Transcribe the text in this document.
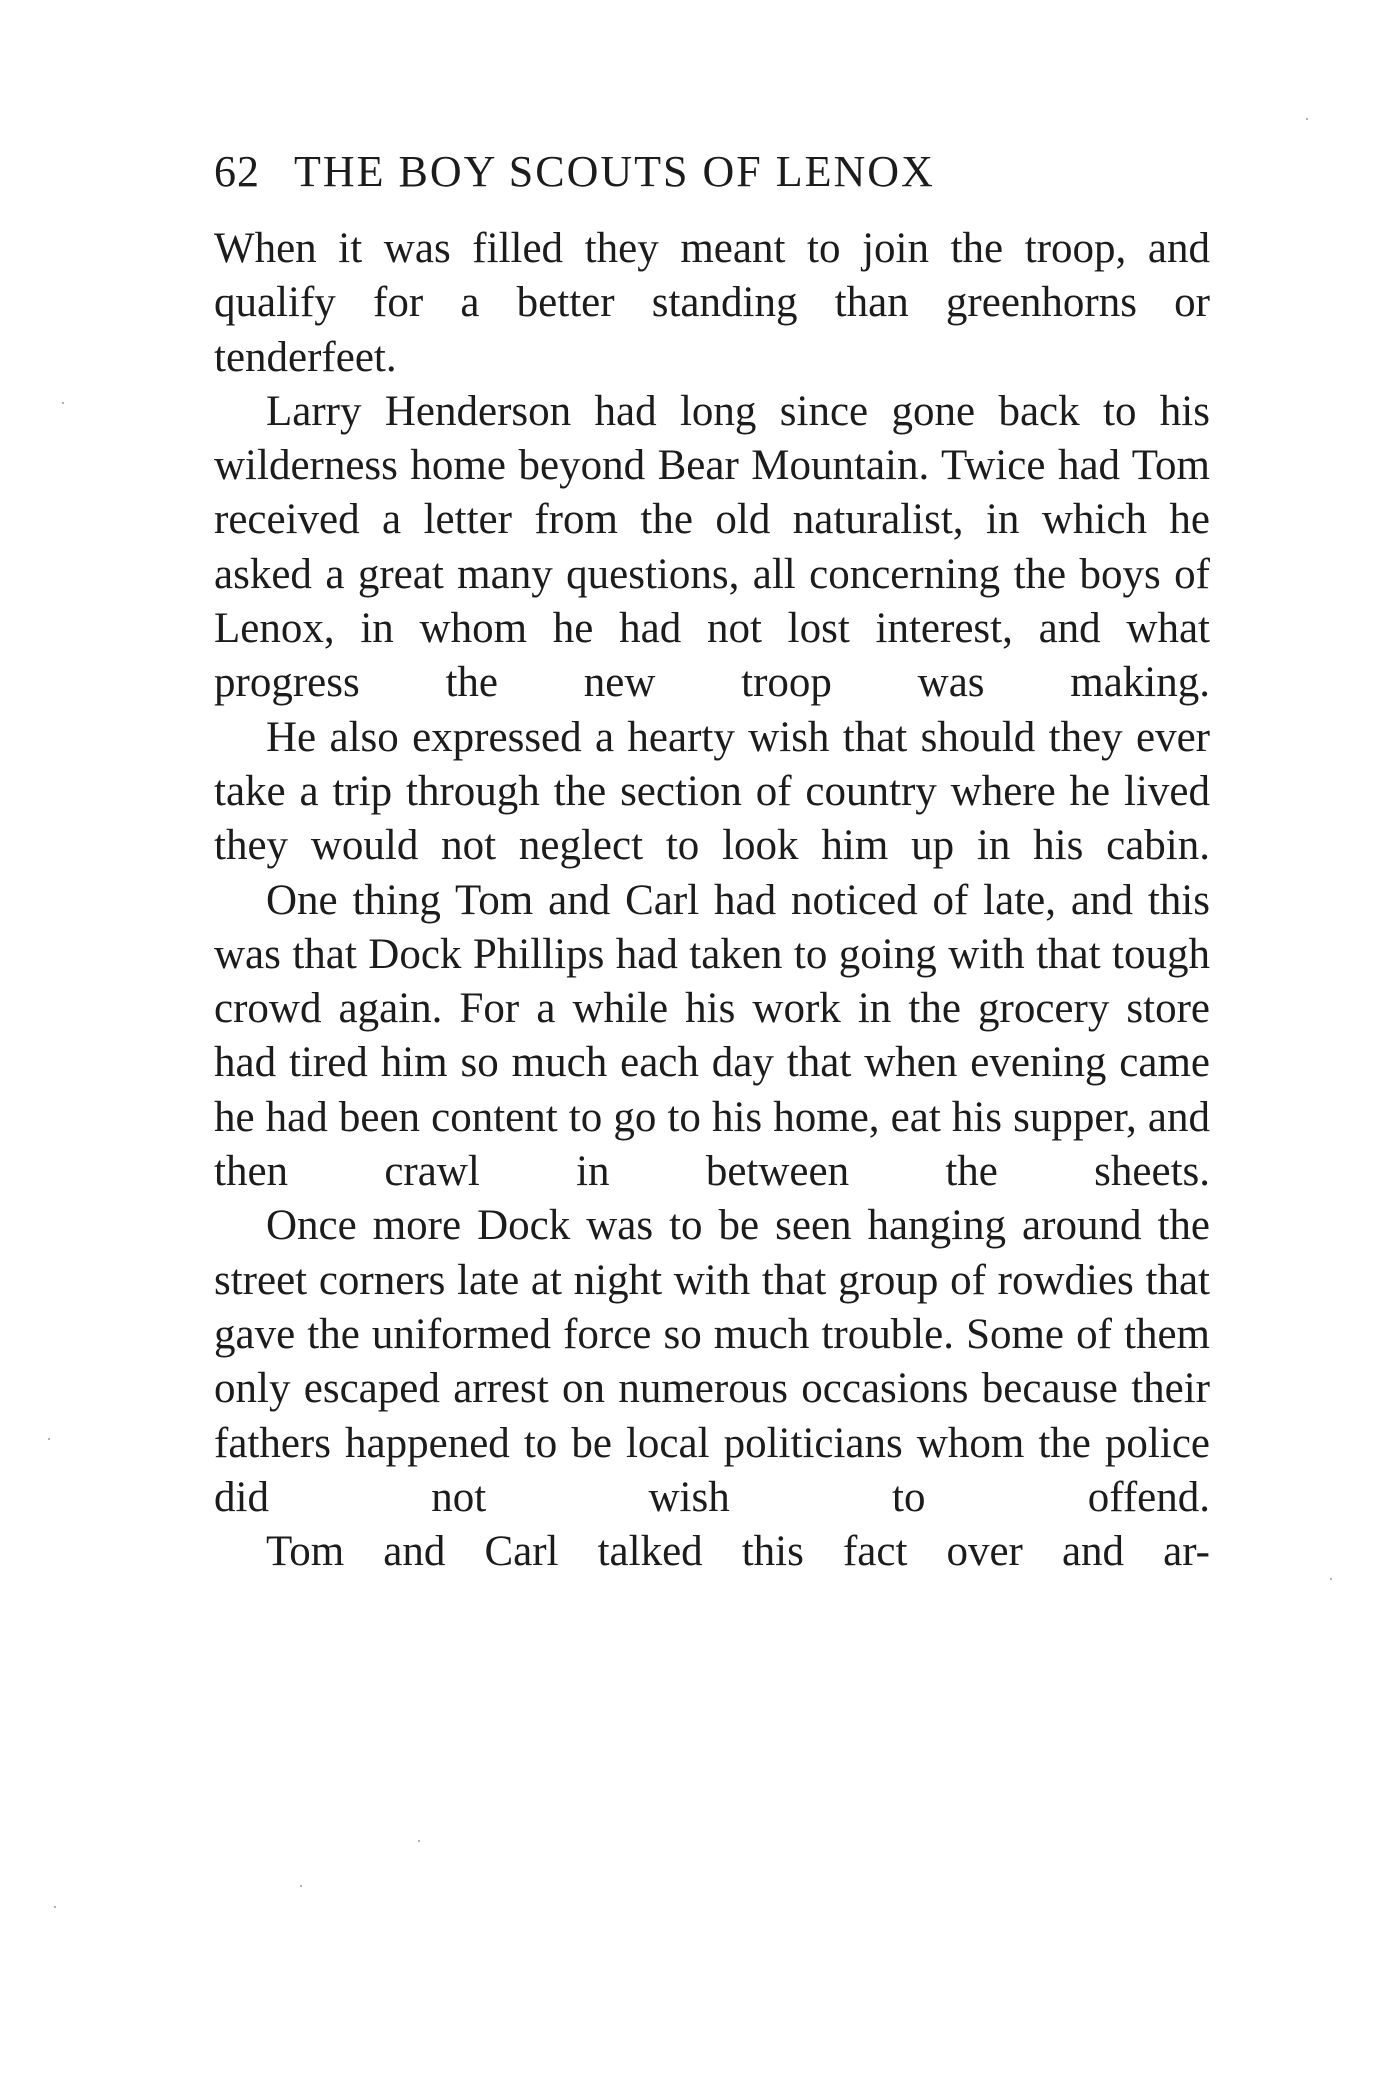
62 THE BOY SCOUTS OF LENOX

When it was filled they meant to join the troop, and qualify for a better standing than greenhorns or tenderfeet.

Larry Henderson had long since gone back to his wilderness home beyond Bear Mountain. Twice had Tom received a letter from the old naturalist, in which he asked a great many questions, all concerning the boys of Lenox, in whom he had not lost interest, and what progress the new troop was making.

He also expressed a hearty wish that should they ever take a trip through the section of country where he lived they would not neglect to look him up in his cabin.

One thing Tom and Carl had noticed of late, and this was that Dock Phillips had taken to going with that tough crowd again. For a while his work in the grocery store had tired him so much each day that when evening came he had been content to go to his home, eat his supper, and then crawl in between the sheets.

Once more Dock was to be seen hanging around the street corners late at night with that group of rowdies that gave the uniformed force so much trouble. Some of them only escaped arrest on numerous occasions because their fathers happened to be local politicians whom the police did not wish to offend.

Tom and Carl talked this fact over and ar-
